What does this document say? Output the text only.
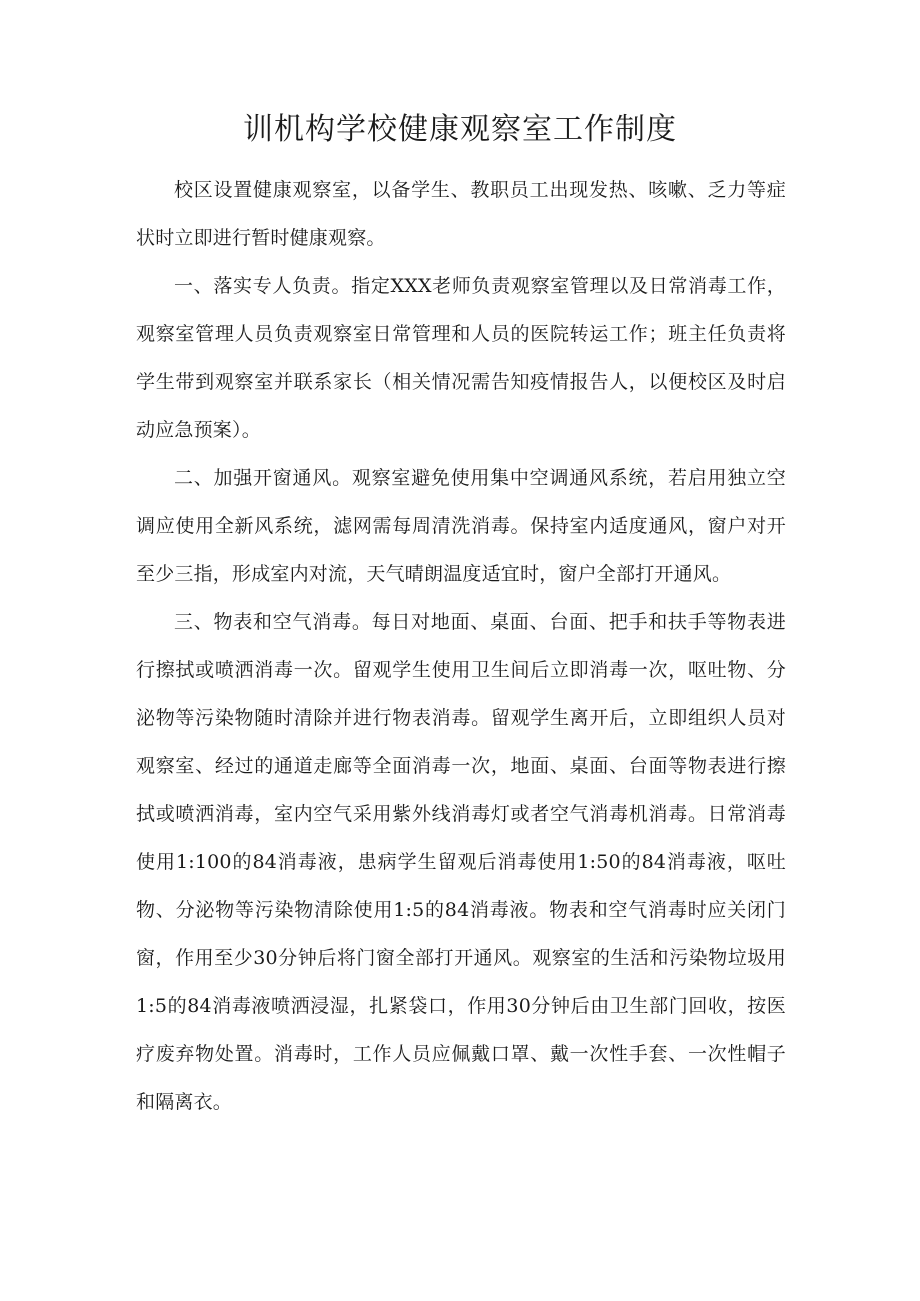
训机构学校健康观察室工作制度

校区设置健康观察室，以备学生、教职员工出现发热、咳嗽、乏力等症状时立即进行暂时健康观察。

一、落实专人负责。指定XXX老师负责观察室管理以及日常消毒工作，观察室管理人员负责观察室日常管理和人员的医院转运工作；班主任负责将学生带到观察室并联系家长（相关情况需告知疫情报告人，以便校区及时启动应急预案）。

二、加强开窗通风。观察室避免使用集中空调通风系统，若启用独立空调应使用全新风系统，滤网需每周清洗消毒。保持室内适度通风，窗户对开至少三指，形成室内对流，天气晴朗温度适宜时，窗户全部打开通风。

三、物表和空气消毒。每日对地面、桌面、台面、把手和扶手等物表进行擦拭或喷洒消毒一次。留观学生使用卫生间后立即消毒一次，呕吐物、分泌物等污染物随时清除并进行物表消毒。留观学生离开后，立即组织人员对观察室、经过的通道走廊等全面消毒一次，地面、桌面、台面等物表进行擦拭或喷洒消毒，室内空气采用紫外线消毒灯或者空气消毒机消毒。日常消毒使用1:100的84消毒液，患病学生留观后消毒使用1:50的84消毒液，呕吐物、分泌物等污染物清除使用1:5的84消毒液。物表和空气消毒时应关闭门窗，作用至少30分钟后将门窗全部打开通风。观察室的生活和污染物垃圾用1:5的84消毒液喷洒浸湿，扎紧袋口，作用30分钟后由卫生部门回收，按医疗废弃物处置。消毒时，工作人员应佩戴口罩、戴一次性手套、一次性帽子和隔离衣。
